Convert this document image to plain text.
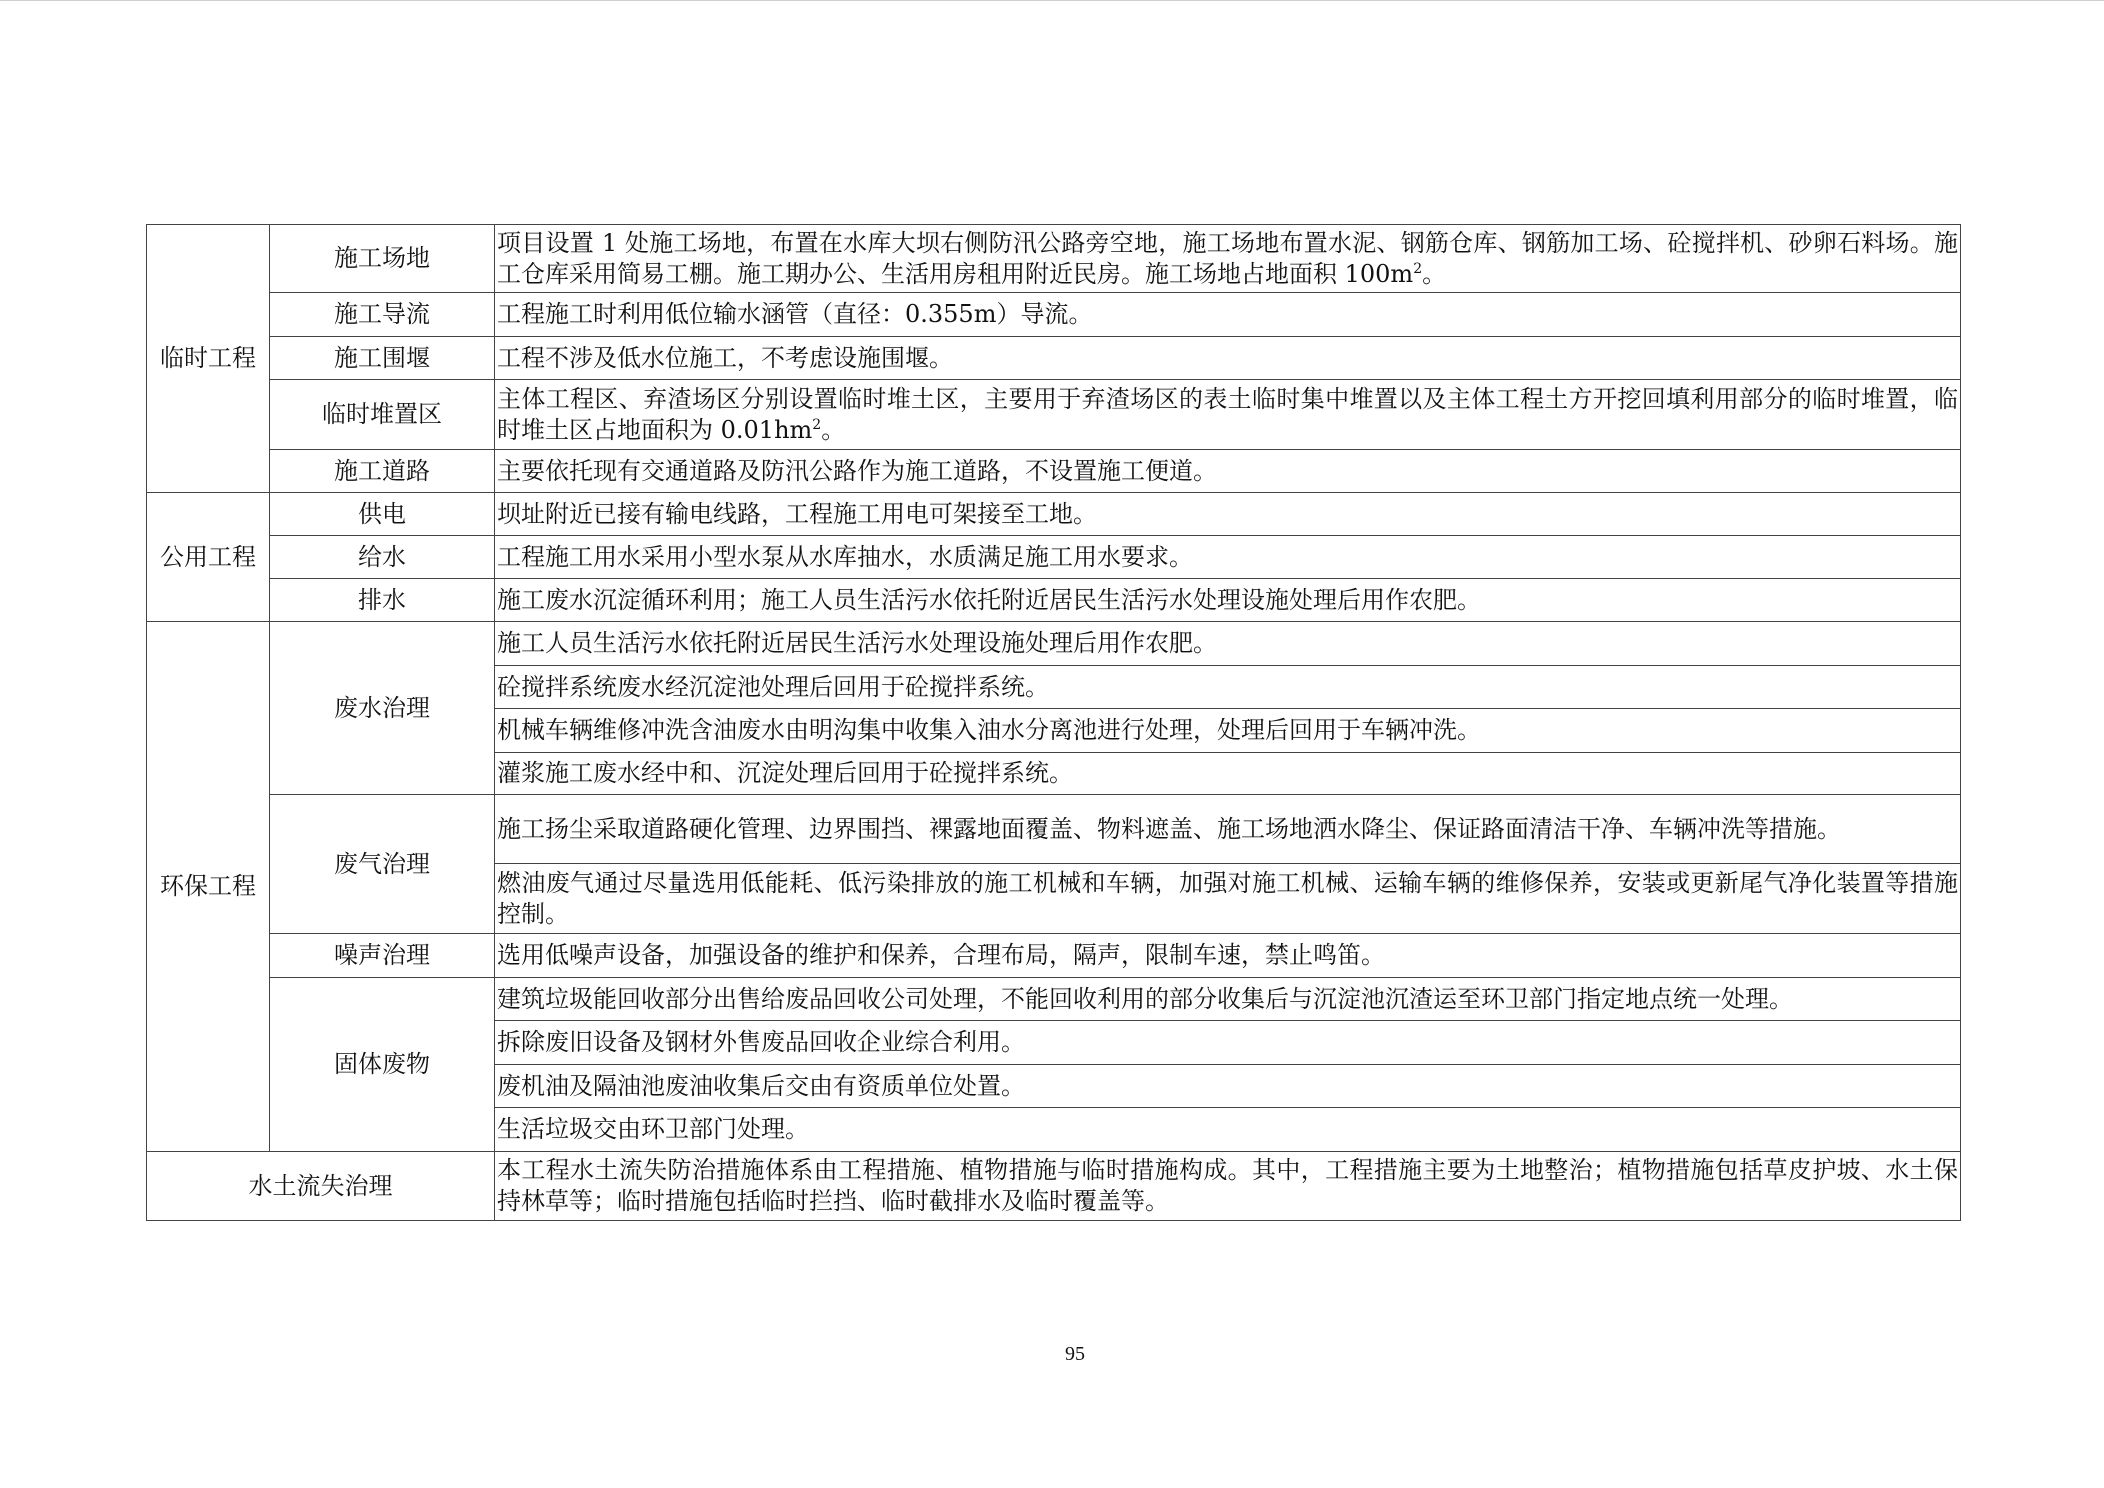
临时工程	施工场地	项目设置 1 处施工场地，布置在水库大坝右侧防汛公路旁空地，施工场地布置水泥、钢筋仓库、钢筋加工场、砼搅拌机、砂卵石料场。施工仓库采用简易工棚。施工期办公、生活用房租用附近民房。施工场地占地面积 $100m^2$。
	施工导流	工程施工时利用低位输水涵管（直径：0.355m）导流。
	施工围堰	工程不涉及低水位施工，不考虑设施围堰。
	临时堆置区	主体工程区、弃渣场区分别设置临时堆土区，主要用于弃渣场区的表土临时集中堆置以及主体工程土方开挖回填利用部分的临时堆置，临时堆土区占地面积为 $0.01hm^2$。
	施工道路	主要依托现有交通道路及防汛公路作为施工道路，不设置施工便道。
公用工程	供电	坝址附近已接有输电线路，工程施工用电可架接至工地。
	给水	工程施工用水采用小型水泵从水库抽水，水质满足施工用水要求。
	排水	施工废水沉淀循环利用；施工人员生活污水依托附近居民生活污水处理设施处理后用作农肥。
环保工程	废水治理	施工人员生活污水依托附近居民生活污水处理设施处理后用作农肥。
		砼搅拌系统废水经沉淀池处理后回用于砼搅拌系统。
		机械车辆维修冲洗含油废水由明沟集中收集入油水分离池进行处理，处理后回用于车辆冲洗。
		灌浆施工废水经中和、沉淀处理后回用于砼搅拌系统。
	废气治理	施工扬尘采取道路硬化管理、边界围挡、裸露地面覆盖、物料遮盖、施工场地洒水降尘、保证路面清洁干净、车辆冲洗等措施。
		燃油废气通过尽量选用低能耗、低污染排放的施工机械和车辆，加强对施工机械、运输车辆的维修保养，安装或更新尾气净化装置等措施控制。
	噪声治理	选用低噪声设备，加强设备的维护和保养，合理布局，隔声，限制车速，禁止鸣笛。
	固体废物	建筑垃圾能回收部分出售给废品回收公司处理，不能回收利用的部分收集后与沉淀池沉渣运至环卫部门指定地点统一处理。
		拆除废旧设备及钢材外售废品回收企业综合利用。
		废机油及隔油池废油收集后交由有资质单位处置。
		生活垃圾交由环卫部门处理。
水土流失治理		本工程水土流失防治措施体系由工程措施、植物措施与临时措施构成。其中，工程措施主要为土地整治；植物措施包括草皮护坡、水土保持林草等；临时措施包括临时拦挡、临时截排水及临时覆盖等。
95
